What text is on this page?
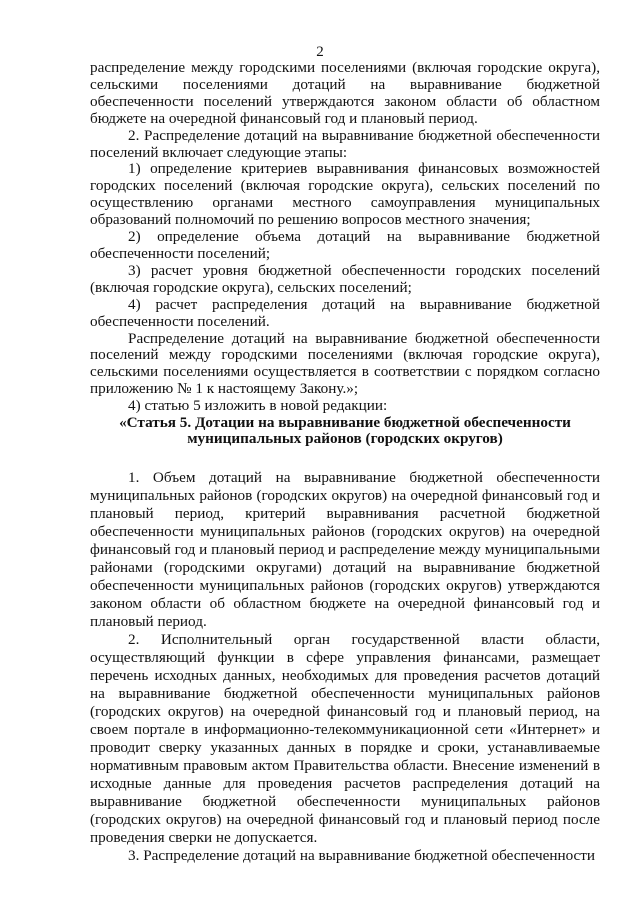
2

распределение между городскими поселениями (включая городские округа), сельскими поселениями дотаций на выравнивание бюджетной обеспеченности поселений утверждаются законом области об областном бюджете на очередной финансовый год и плановый период.

2. Распределение дотаций на выравнивание бюджетной обеспеченности поселений включает следующие этапы:

1) определение критериев выравнивания финансовых возможностей городских поселений (включая городские округа), сельских поселений по осуществлению органами местного самоуправления муниципальных образований полномочий по решению вопросов местного значения;

2) определение объема дотаций на выравнивание бюджетной обеспеченности поселений;

3) расчет уровня бюджетной обеспеченности городских поселений (включая городские округа), сельских поселений;

4) расчет распределения дотаций на выравнивание бюджетной обеспеченности поселений.

Распределение дотаций на выравнивание бюджетной обеспеченности поселений между городскими поселениями (включая городские округа), сельскими поселениями осуществляется в соответствии с порядком согласно приложению № 1 к настоящему Закону.»;

4) статью 5 изложить в новой редакции:

«Статья 5. Дотации на выравнивание бюджетной обеспеченности муниципальных районов (городских округов)

1. Объем дотаций на выравнивание бюджетной обеспеченности муниципальных районов (городских округов) на очередной финансовый год и плановый период, критерий выравнивания расчетной бюджетной обеспеченности муниципальных районов (городских округов) на очередной финансовый год и плановый период и распределение между муниципальными районами (городскими округами) дотаций на выравнивание бюджетной обеспеченности муниципальных районов (городских округов) утверждаются законом области об областном бюджете на очередной финансовый год и плановый период.

2. Исполнительный орган государственной власти области, осуществляющий функции в сфере управления финансами, размещает перечень исходных данных, необходимых для проведения расчетов дотаций на выравнивание бюджетной обеспеченности муниципальных районов (городских округов) на очередной финансовый год и плановый период, на своем портале в информационно-телекоммуникационной сети «Интернет» и проводит сверку указанных данных в порядке и сроки, устанавливаемые нормативным правовым актом Правительства области. Внесение изменений в исходные данные для проведения расчетов распределения дотаций на выравнивание бюджетной обеспеченности муниципальных районов (городских округов) на очередной финансовый год и плановый период после проведения сверки не допускается.

3. Распределение дотаций на выравнивание бюджетной обеспеченности
